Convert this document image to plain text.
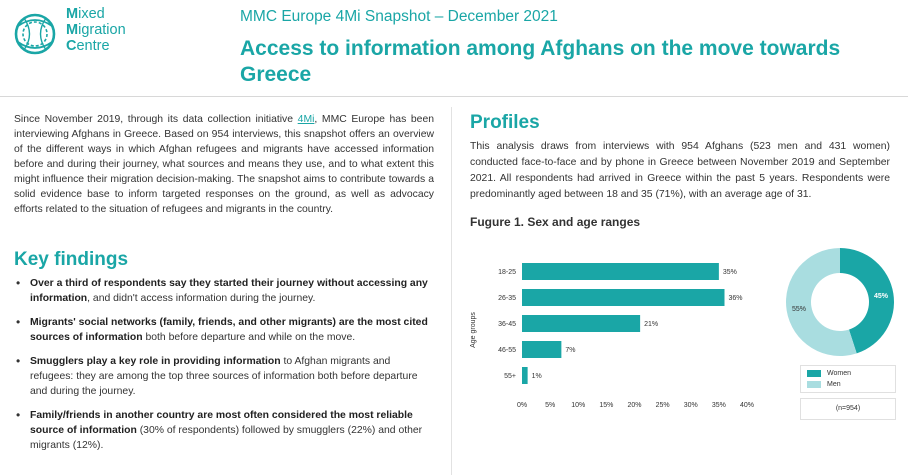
Mixed
Migration
Centre
MMC Europe 4Mi Snapshot – December 2021
Access to information among Afghans on the move towards Greece

Since November 2019, through its data collection initiative 4Mi, MMC Europe has been interviewing Afghans in Greece. Based on 954 interviews, this snapshot offers an overview of the different ways in which Afghan refugees and migrants have accessed information before and during their journey, what sources and means they use, and to what extent this might influence their migration decision-making. The snapshot aims to contribute towards a solid evidence base to inform targeted responses on the ground, as well as advocacy efforts related to the situation of refugees and migrants in the country.

Key findings
• Over a third of respondents say they started their journey without accessing any information, and didn't access information during the journey.
• Migrants' social networks (family, friends, and other migrants) are the most cited sources of information both before departure and while on the move.
• Smugglers play a key role in providing information to Afghan migrants and refugees: they are among the top three sources of information both before departure and during the journey.
• Family/friends in another country are most often considered the most reliable source of information (30% of respondents) followed by smugglers (22%) and other migrants (12%).
Profiles

This analysis draws from interviews with 954 Afghans (523 men and 431 women) conducted face-to-face and by phone in Greece between November 2019 and September 2021. All respondents had arrived in Greece within the past 5 years. Respondents were predominantly aged between 18 and 35 (71%), with an average age of 31.

Fugure 1. Sex and age ranges
Age groups
18-25	35%
26-35	36%
36-45	21%
46-55	7%
55+ 1%
0%	5% 10% 15% 20% 25% 30% 35% 40%
45%
55%
Women
Men
(n=954)
